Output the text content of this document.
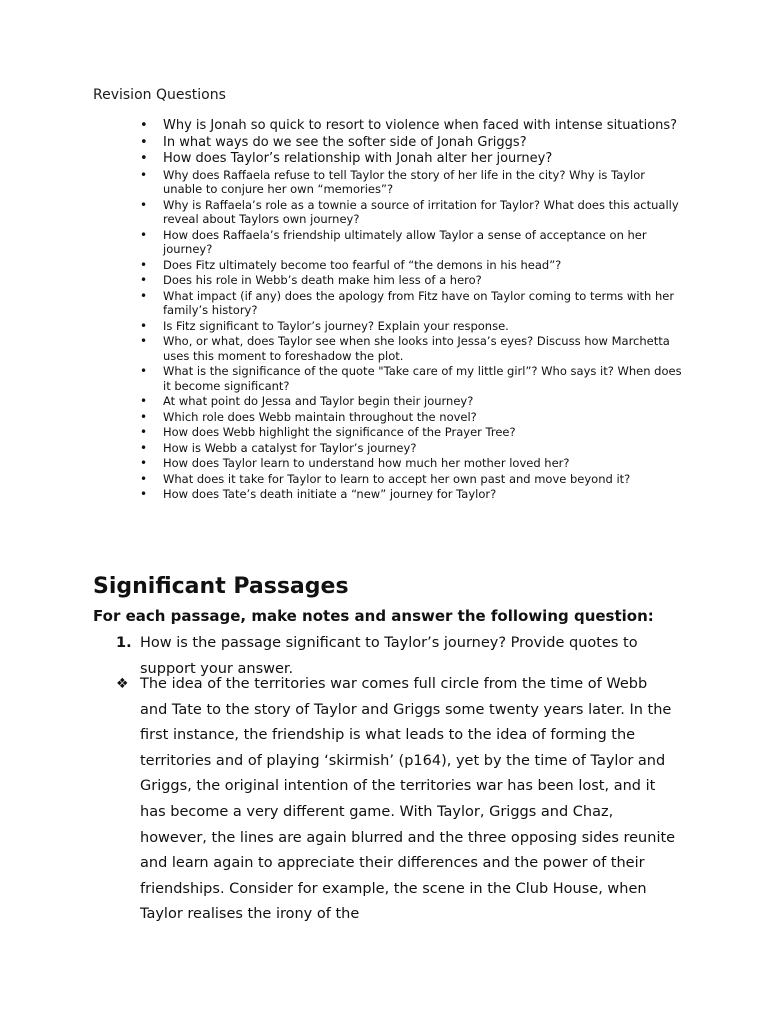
Revision Questions
• Why is Jonah so quick to resort to violence when faced with intense situations?
• In what ways do we see the softer side of Jonah Griggs?
• How does Taylor’s relationship with Jonah alter her journey?
• Why does Raffaela refuse to tell Taylor the story of her life in the city? Why is Taylor unable to conjure her own “memories”?
• Why is Raffaela’s role as a townie a source of irritation for Taylor? What does this actually reveal about Taylors own journey?
• How does Raffaela’s friendship ultimately allow Taylor a sense of acceptance on her journey?
• Does Fitz ultimately become too fearful of “the demons in his head”?
• Does his role in Webb’s death make him less of a hero?
• What impact (if any) does the apology from Fitz have on Taylor coming to terms with her family’s history?
• Is Fitz significant to Taylor’s journey? Explain your response.
• Who, or what, does Taylor see when she looks into Jessa’s eyes? Discuss how Marchetta uses this moment to foreshadow the plot.
• What is the significance of the quote "Take care of my little girl”? Who says it? When does it become significant?
• At what point do Jessa and Taylor begin their journey?
• Which role does Webb maintain throughout the novel?
• How does Webb highlight the significance of the Prayer Tree?
• How is Webb a catalyst for Taylor’s journey?
• How does Taylor learn to understand how much her mother loved her?
• What does it take for Taylor to learn to accept her own past and move beyond it?
• How does Tate’s death initiate a “new” journey for Taylor?
Significant Passages
For each passage, make notes and answer the following question:
1. How is the passage significant to Taylor’s journey? Provide quotes to support your answer.
❖ The idea of the territories war comes full circle from the time of Webb and Tate to the story of Taylor and Griggs some twenty years later. In the first instance, the friendship is what leads to the idea of forming the territories and of playing ‘skirmish’ (p164), yet by the time of Taylor and Griggs, the original intention of the territories war has been lost, and it has become a very different game. With Taylor, Griggs and Chaz, however, the lines are again blurred and the three opposing sides reunite and learn again to appreciate their differences and the power of their friendships. Consider for example, the scene in the Club House, when Taylor realises the irony of the
